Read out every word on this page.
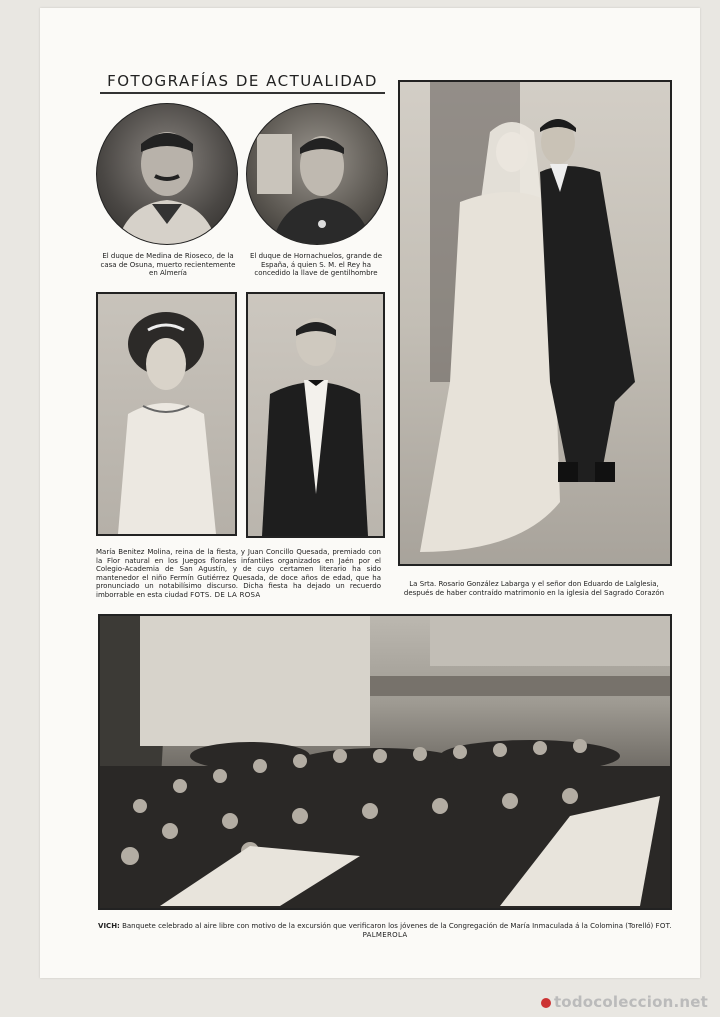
FOTOGRAFÍAS DE ACTUALIDAD
El duque de Medina de Rioseco, de la casa de Osuna, muerto recientemente en Almería
El duque de Hornachuelos, grande de España, á quien S. M. el Rey ha concedido la llave de gentilhombre
María Benitez Molina, reina de la fiesta, y Juan Concillo Quesada, premiado con la Flor natural en los Juegos florales infantiles organizados en Jaén por el Colegio-Academia de San Agustín, y de cuyo certamen literario ha sido mantenedor el niño Fermín Gutiérrez Quesada, de doce años de edad, que ha pronunciado un notabilísimo discurso. Dicha fiesta ha dejado un recuerdo imborrable en esta ciudad FOTS. DE LA ROSA
La Srta. Rosario González Labarga y el señor don Eduardo de Lalglesia, después de haber contraído matrimonio en la iglesia del Sagrado Corazón
VICH: Banquete celebrado al aire libre con motivo de la excursión que verificaron los jóvenes de la Congregación de María Inmaculada á la Colomina (Torelló) FOT. PALMEROLA
todocoleccion.net
